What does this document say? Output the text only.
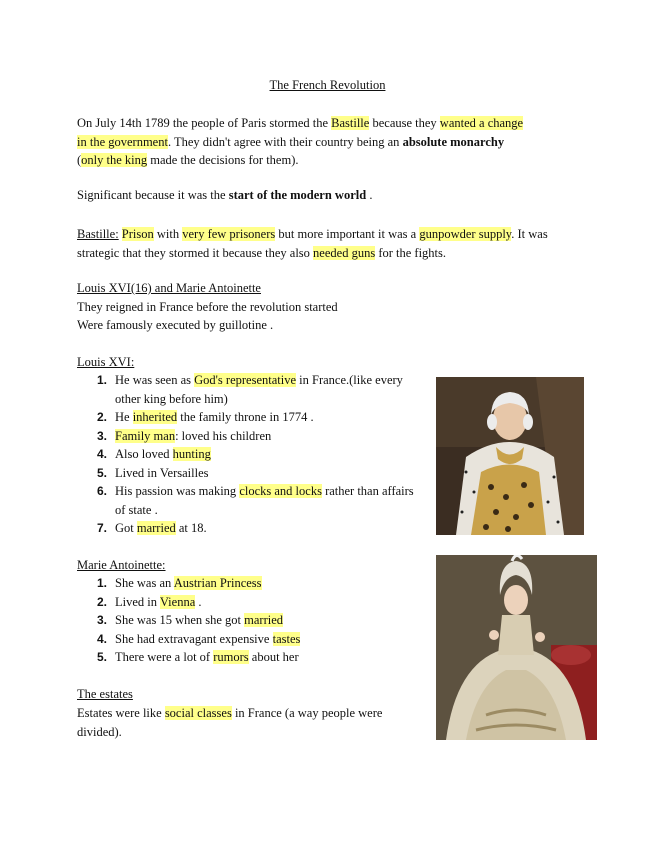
The French Revolution

On July 14th 1789 the people of Paris stormed the Bastille because they wanted a change
in the government. They didn't agree with their country being an absolute monarchy
(only the king made the decisions for them).

Significant because it was the start of the modern world .

Bastille: Prison with very few prisoners but more important it was a gunpowder supply. It was strategic that they stormed it because they also needed guns for the fights.

Louis XVI(16) and Marie Antoinette
They reigned in France before the revolution started
Were famously executed by guillotine .

Louis XVI:

1. He was seen as God's representative in France.(like every other king before him)
2. He inherited the family throne in 1774 .
3. Family man: loved his children
4. Also loved hunting
5. Lived in Versailles
6. His passion was making clocks and locks rather than affairs of state .
7. Got married at 18.

Marie Antoinette:

1. She was an Austrian Princess
2. Lived in Vienna .
3. She was 15 when she got married
4. She had extravagant expensive tastes
5. There were a lot of rumors about her

The estates

Estates were like social classes in France (a way people were divided).
